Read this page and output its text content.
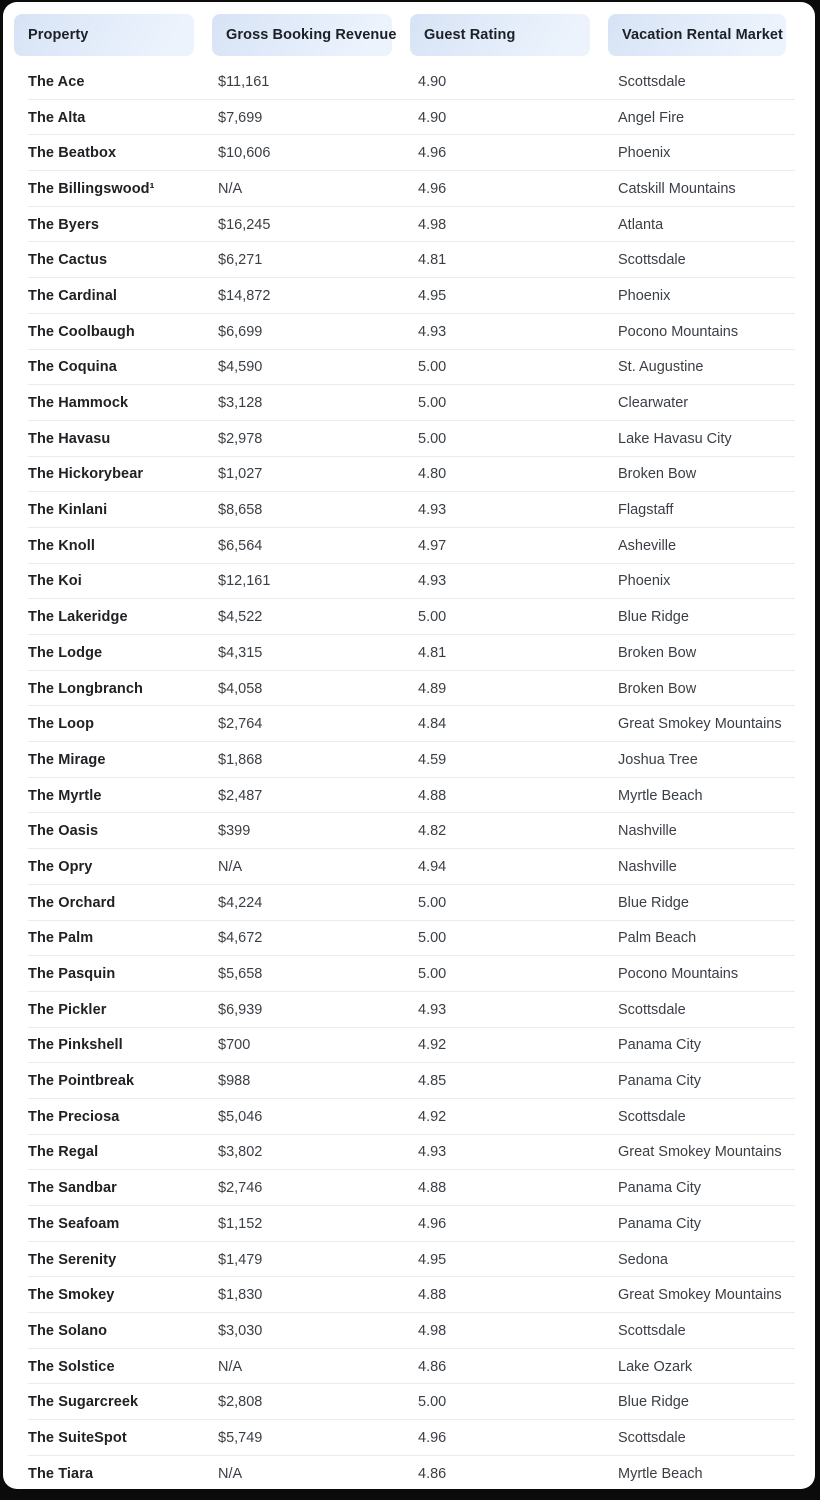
Property	Gross Booking Revenue	Guest Rating	Vacation Rental Market
The Ace	$11,161	4.90	Scottsdale
The Alta	$7,699	4.90	Angel Fire
The Beatbox	$10,606	4.96	Phoenix
The Billingswood¹	N/A	4.96	Catskill Mountains
The Byers	$16,245	4.98	Atlanta
The Cactus	$6,271	4.81	Scottsdale
The Cardinal	$14,872	4.95	Phoenix
The Coolbaugh	$6,699	4.93	Pocono Mountains
The Coquina	$4,590	5.00	St. Augustine
The Hammock	$3,128	5.00	Clearwater
The Havasu	$2,978	5.00	Lake Havasu City
The Hickorybear	$1,027	4.80	Broken Bow
The Kinlani	$8,658	4.93	Flagstaff
The Knoll	$6,564	4.97	Asheville
The Koi	$12,161	4.93	Phoenix
The Lakeridge	$4,522	5.00	Blue Ridge
The Lodge	$4,315	4.81	Broken Bow
The Longbranch	$4,058	4.89	Broken Bow
The Loop	$2,764	4.84	Great Smokey Mountains
The Mirage	$1,868	4.59	Joshua Tree
The Myrtle	$2,487	4.88	Myrtle Beach
The Oasis	$399	4.82	Nashville
The Opry	N/A	4.94	Nashville
The Orchard	$4,224	5.00	Blue Ridge
The Palm	$4,672	5.00	Palm Beach
The Pasquin	$5,658	5.00	Pocono Mountains
The Pickler	$6,939	4.93	Scottsdale
The Pinkshell	$700	4.92	Panama City
The Pointbreak	$988	4.85	Panama City
The Preciosa	$5,046	4.92	Scottsdale
The Regal	$3,802	4.93	Great Smokey Mountains
The Sandbar	$2,746	4.88	Panama City
The Seafoam	$1,152	4.96	Panama City
The Serenity	$1,479	4.95	Sedona
The Smokey	$1,830	4.88	Great Smokey Mountains
The Solano	$3,030	4.98	Scottsdale
The Solstice	N/A	4.86	Lake Ozark
The Sugarcreek	$2,808	5.00	Blue Ridge
The SuiteSpot	$5,749	4.96	Scottsdale
The Tiara	N/A	4.86	Myrtle Beach
